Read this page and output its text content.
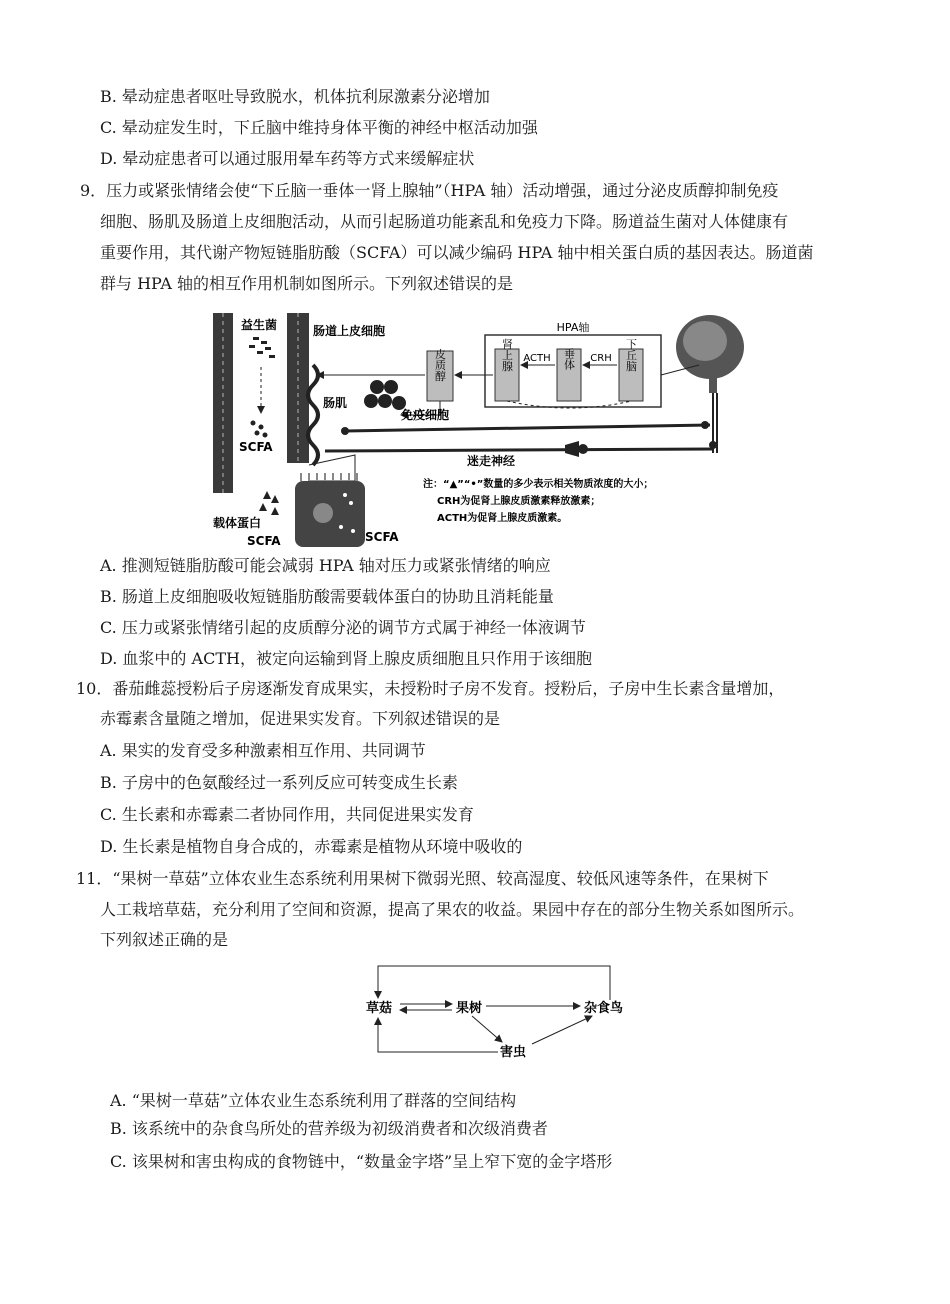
B. 晕动症患者呕吐导致脱水，机体抗利尿激素分泌增加
C. 晕动症发生时，下丘脑中维持身体平衡的神经中枢活动加强
D. 晕动症患者可以通过服用晕车药等方式来缓解症状
9．压力或紧张情绪会使“下丘脑一垂体一肾上腺轴”（HPA 轴）活动增强，通过分泌皮质醇抑制免疫
细胞、肠肌及肠道上皮细胞活动，从而引起肠道功能紊乱和免疫力下降。肠道益生菌对人体健康有
重要作用，其代谢产物短链脂肪酸（SCFA）可以减少编码 HPA 轴中相关蛋白质的基因表达。肠道菌
群与 HPA 轴的相互作用机制如图所示。下列叙述错误的是
益生菌
SCFA
肠道上皮细胞
肠肌
皮质醇
HPA轴
肾上腺	垂体	下丘脑
ACTH	CRH
免疫细胞
迷走神经
载体蛋白
SCFA	SCFA
注：“▲”“•”数量的多少表示相关物质浓度的大小；
CRH为促肾上腺皮质激素释放激素；
ACTH为促肾上腺皮质激素。
A. 推测短链脂肪酸可能会减弱 HPA 轴对压力或紧张情绪的响应
B. 肠道上皮细胞吸收短链脂肪酸需要载体蛋白的协助且消耗能量
C. 压力或紧张情绪引起的皮质醇分泌的调节方式属于神经一体液调节
D. 血浆中的 ACTH，被定向运输到肾上腺皮质细胞且只作用于该细胞
10．番茄雌蕊授粉后子房逐渐发育成果实，未授粉时子房不发育。授粉后，子房中生长素含量增加，
赤霉素含量随之增加，促进果实发育。下列叙述错误的是
A. 果实的发育受多种激素相互作用、共同调节
B. 子房中的色氨酸经过一系列反应可转变成生长素
C. 生长素和赤霉素二者协同作用，共同促进果实发育
D. 生长素是植物自身合成的，赤霉素是植物从环境中吸收的
11．“果树一草菇”立体农业生态系统利用果树下微弱光照、较高湿度、较低风速等条件，在果树下
人工栽培草菇，充分利用了空间和资源，提高了果农的收益。果园中存在的部分生物关系如图所示。
下列叙述正确的是
草菇	果树	杂食鸟
害虫
A. “果树一草菇”立体农业生态系统利用了群落的空间结构
B. 该系统中的杂食鸟所处的营养级为初级消费者和次级消费者
C. 该果树和害虫构成的食物链中，“数量金字塔”呈上窄下宽的金字塔形
